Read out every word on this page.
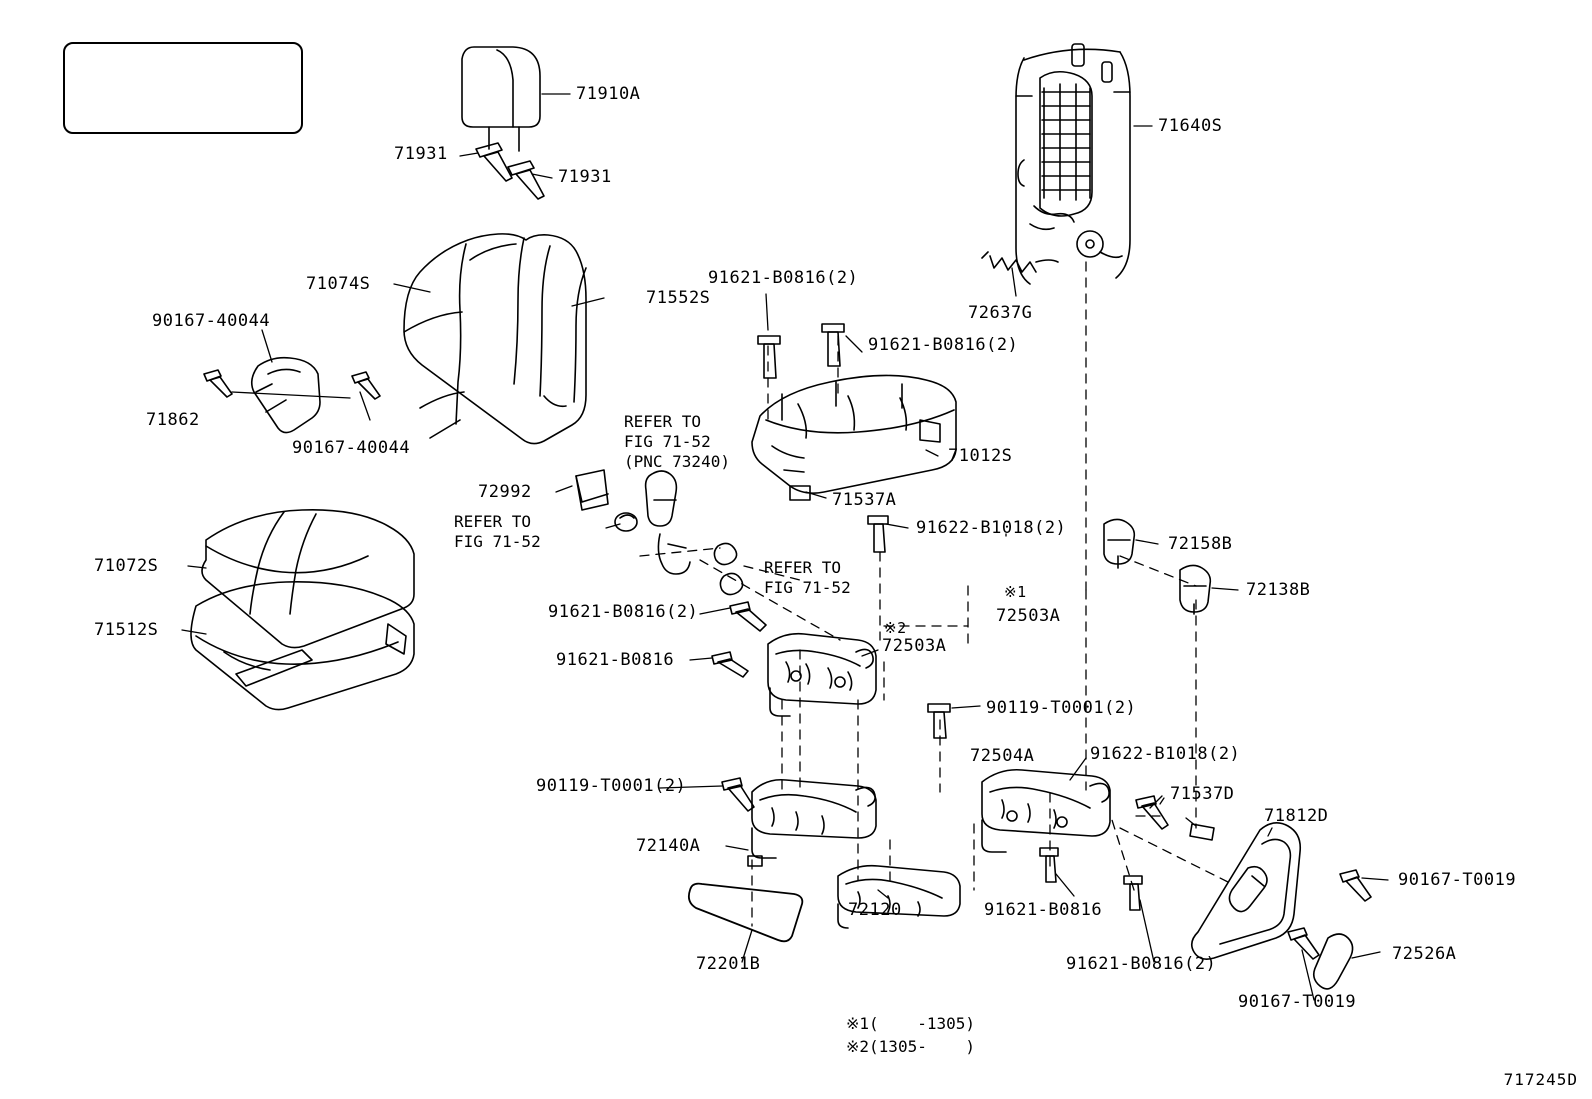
71910A
71931
71931
71640S
71074S
71552S
91621-B0816(2)
91621-B0816(2)
72637G
90167-40044
71862
90167-40044	71012S
71537A
72992
91622-B1018(2)
72158B
71072S
72138B
71512S
91621-B0816(2)	72503A
91621-B0816
72503A
90119-T0001(2)
72504A	91622-B1018(2)
71537D
71812D
90119-T0001(2)
72140A
90167-T0019
72120	91621-B0816
72526A
72201B	91621-B0816(2)
90167-T0019
REFER TO
FIG 71-52
(PNC 73240)
REFER TO
FIG 71-52
REFER TO
FIG 71-52	※1
※2
※1(    -1305)
※2(1305-    )
717245D
